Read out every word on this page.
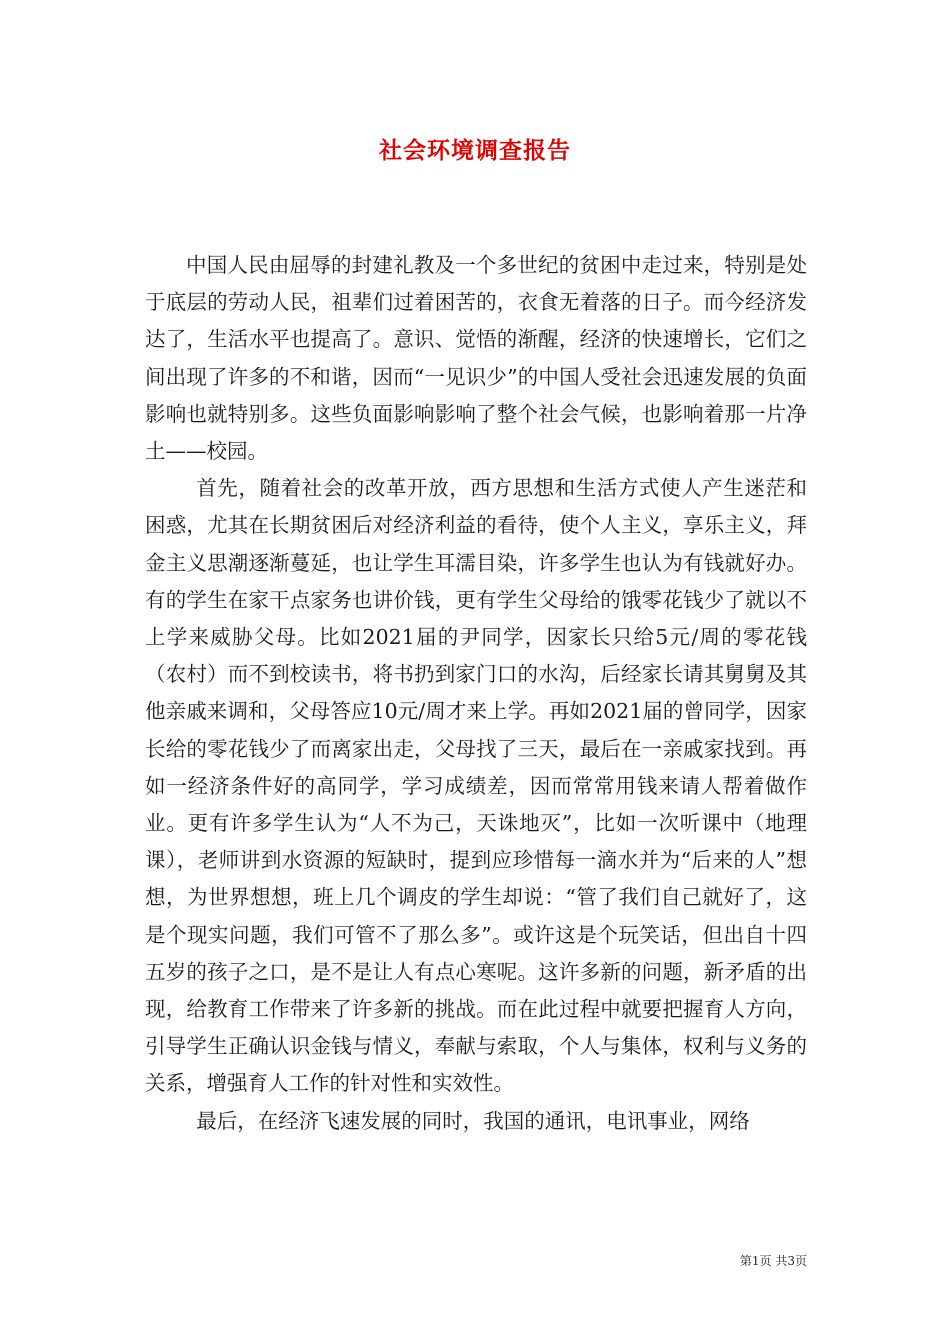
社会环境调查报告

中国人民由屈辱的封建礼教及一个多世纪的贫困中走过来，特别是处于底层的劳动人民，祖辈们过着困苦的，衣食无着落的日子。而今经济发达了，生活水平也提高了。意识、觉悟的渐醒，经济的快速增长，它们之间出现了许多的不和谐，因而“一见识少”的中国人受社会迅速发展的负面影响也就特别多。这些负面影响影响了整个社会气候，也影响着那一片净土——校园。

首先，随着社会的改革开放，西方思想和生活方式使人产生迷茫和困惑，尤其在长期贫困后对经济利益的看待，使个人主义，享乐主义，拜金主义思潮逐渐蔓延，也让学生耳濡目染，许多学生也认为有钱就好办。有的学生在家干点家务也讲价钱，更有学生父母给的饿零花钱少了就以不上学来威胁父母。比如2021届的尹同学，因家长只给5元/周的零花钱（农村）而不到校读书，将书扔到家门口的水沟，后经家长请其舅舅及其他亲戚来调和，父母答应10元/周才来上学。再如2021届的曾同学，因家长给的零花钱少了而离家出走，父母找了三天，最后在一亲戚家找到。再如一经济条件好的高同学，学习成绩差，因而常常用钱来请人帮着做作业。更有许多学生认为“人不为己，天诛地灭”，比如一次听课中（地理课），老师讲到水资源的短缺时，提到应珍惜每一滴水并为“后来的人”想想，为世界想想，班上几个调皮的学生却说：“管了我们自己就好了，这是个现实问题，我们可管不了那么多”。或许这是个玩笑话，但出自十四五岁的孩子之口，是不是让人有点心寒呢。这许多新的问题，新矛盾的出现，给教育工作带来了许多新的挑战。而在此过程中就要把握育人方向，引导学生正确认识金钱与情义，奉献与索取，个人与集体，权利与义务的关系，增强育人工作的针对性和实效性。

最后，在经济飞速发展的同时，我国的通讯，电讯事业，网络

第1页 共3页
